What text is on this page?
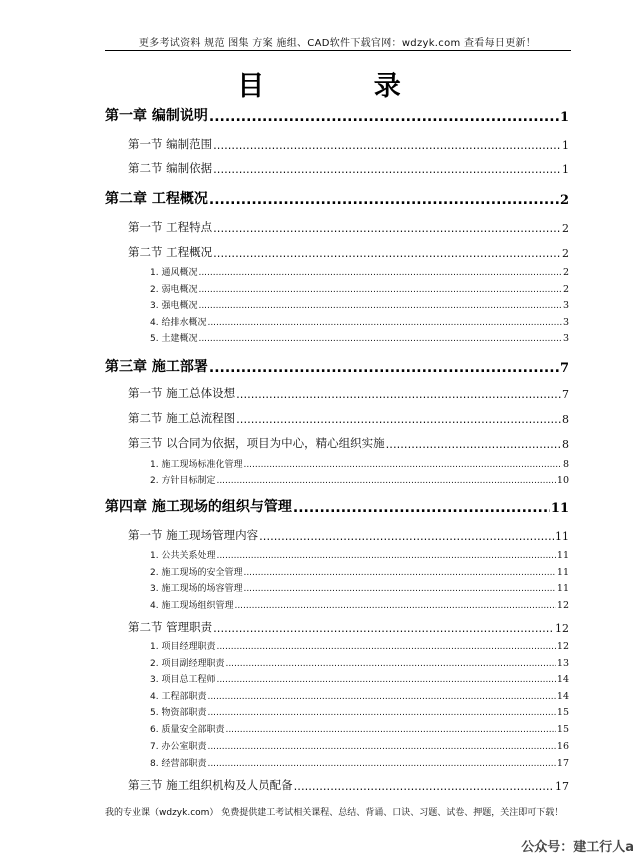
更多考试资料 规范 图集 方案 施组、CAD软件下载官网：wdzyk.com 查看每日更新！
目 录
第一章 编制说明 .....	1
第一节 编制范围 .....	1
第二节 编制依据 .....	1
第二章 工程概况 .....	2
第一节 工程特点 .....	2
第二节 工程概况 .....	2
1. 通风概况 .....	2
2. 弱电概况 .....	2
3. 强电概况 .....	3
4. 给排水概况 .....	3
5. 土建概况 .....	3
第三章 施工部署 .....	7
第一节 施工总体设想 .....	7
第二节 施工总流程图 .....	8
第三节 以合同为依据，项目为中心，精心组织实施 .....	8
1. 施工现场标准化管理 .....	8
2. 方针目标制定 .....	10
第四章 施工现场的组织与管理 .....	11
第一节 施工现场管理内容 .....	11
1. 公共关系处理 .....	11
2. 施工现场的安全管理 .....	11
3. 施工现场的场容管理 .....	11
4. 施工现场组织管理 .....	12
第二节 管理职责 .....	12
1. 项目经理职责 .....	12
2. 项目副经理职责 .....	13
3. 项目总工程师 .....	14
4. 工程部职责 .....	14
5. 物资部职责 .....	15
6. 质量安全部职责 .....	15
7. 办公室职责 .....	16
8. 经营部职责 .....	17
第三节 施工组织机构及人员配备 .....	17
我的专业课（wdzyk.com） 免费提供建工考试相关课程、总结、背诵、口诀、习题、试卷、押题，关注即可下载！
公众号：建工行人a
